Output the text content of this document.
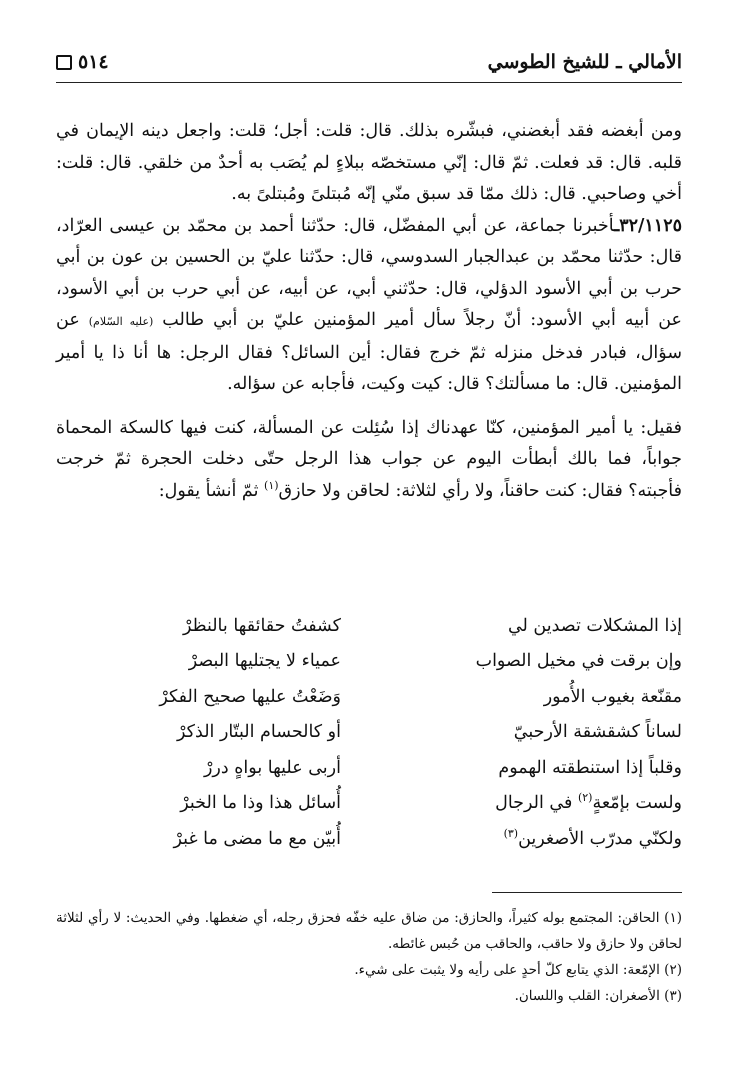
الأمالي ـ للشيخ الطوسي
٥١٤

ومن أبغضه فقد أبغضني، فبشّره بذلك. قال: قلت: أجل؛ قلت: واجعل دينه الإيمان في قلبه. قال: قد فعلت. ثمّ قال: إنّي مستخصّه ببلاءٍ لم يُصَب به أحدٌ من خلقي. قال: قلت: أخي وصاحبي. قال: ذلك ممّا قد سبق منّي إنّه مُبتلىً ومُبتلىً به.

٣٢/١١٢٥ـأخبرنا جماعة، عن أبي المفضّل، قال: حدّثنا أحمد بن محمّد بن عيسى العرّاد، قال: حدّثنا محمّد بن عبدالجبار السدوسي، قال: حدّثنا عليّ بن الحسين بن عون بن أبي حرب بن أبي الأسود الدؤلي، قال: حدّثني أبي، عن أبيه، عن أبي حرب بن أبي الأسود، عن أبيه أبي الأسود: أنّ رجلاً سأل أمير المؤمنين عليّ بن أبي طالب (عليه السّلام) عن سؤال، فبادر فدخل منزله ثمّ خرج فقال: أين السائل؟ فقال الرجل: ها أنا ذا يا أمير المؤمنين. قال: ما مسألتك؟ قال: كيت وكيت، فأجابه عن سؤاله.

فقيل: يا أمير المؤمنين، كنّا عهدناك إذا سُئِلت عن المسألة، كنت فيها كالسكة المحماة جواباً، فما بالك أبطأت اليوم عن جواب هذا الرجل حتّى دخلت الحجرة ثمّ خرجت فأجبته؟ فقال: كنت حاقناً، ولا رأي لثلاثة: لحاقن ولا حازق$^{(١)}$ ثمّ أنشأ يقول:

إذا المشكلات تصدين لي
كشفتُ حقائقها بالنظرْ
وإن برقت في مخيل الصواب
عمياء لا يجتليها البصرْ
مقنّعة بغيوب الأُمور
وَضَعْتُ عليها صحيح الفكرْ
لساناً كشقشقة الأرحبيّ
أو كالحسام البتّار الذكرْ
وقلباً إذا استنطقته الهموم
أربى عليها بواهٍ دررْ
ولست بإمّعةٍ$^{(٢)}$ في الرجال
أُسائل هذا وذا ما الخبرْ
ولكنّي مدرّب الأصغرين$^{(٣)}$
أُبيّن مع ما مضى ما غبرْ

(١) الحاقن: المجتمع بوله كثيراً، والحازق: من ضاق عليه خفّه فحزق رجله، أي ضغطها. وفي الحديث: لا رأي لثلاثة لحاقن ولا حازق ولا حاقب، والحاقب من حُبس غائطه.

(٢) الإمّعة: الذي يتابع كلّ أحدٍ على رأيه ولا يثبت على شيء.

(٣) الأصغران: القلب واللسان.
